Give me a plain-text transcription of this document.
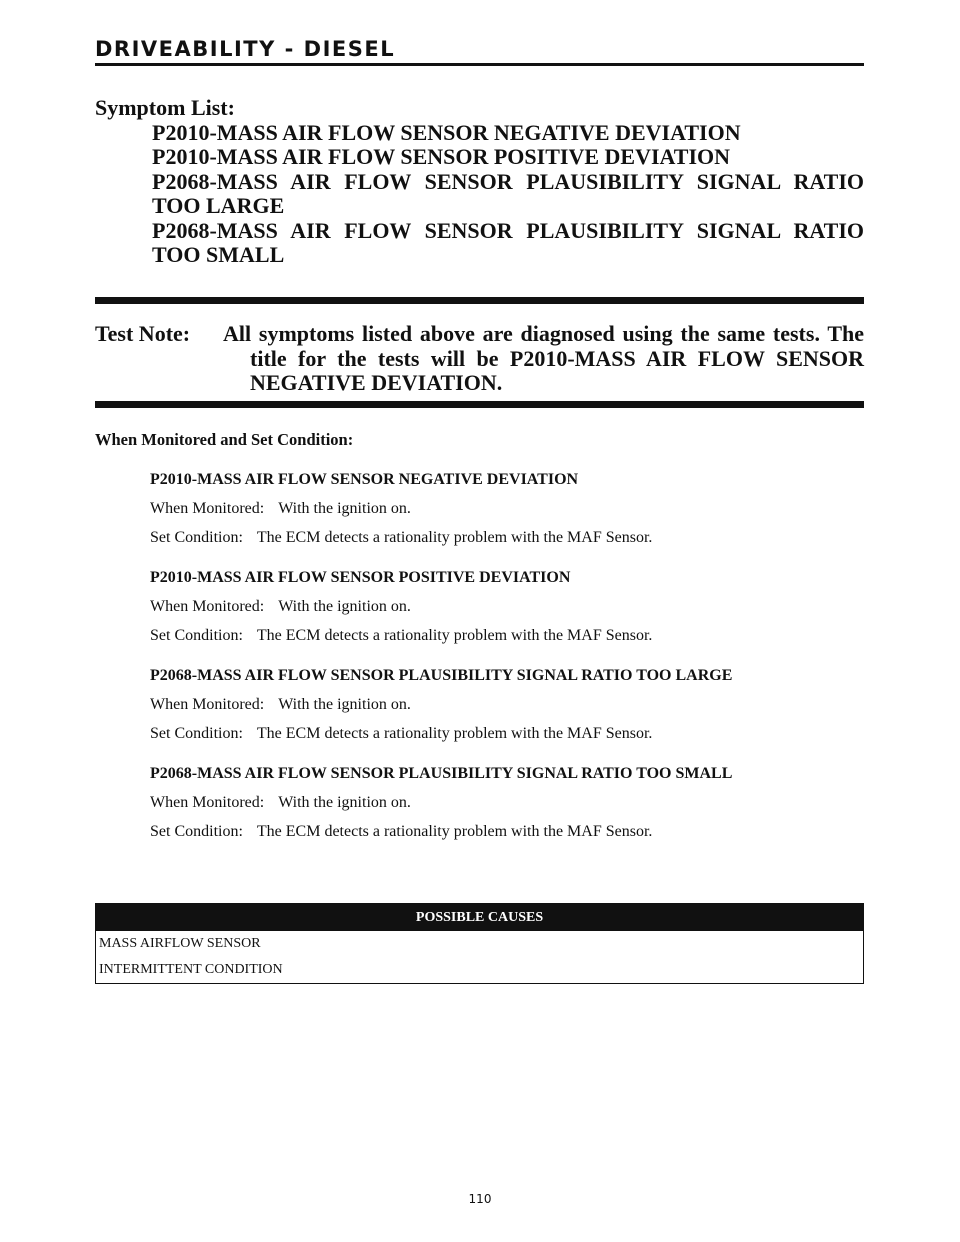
DRIVEABILITY - DIESEL
Symptom List:
P2010-MASS AIR FLOW SENSOR NEGATIVE DEVIATION
P2010-MASS AIR FLOW SENSOR POSITIVE DEVIATION
P2068-MASS AIR FLOW SENSOR PLAUSIBILITY SIGNAL RATIO TOO LARGE
P2068-MASS AIR FLOW SENSOR PLAUSIBILITY SIGNAL RATIO TOO SMALL
Test Note: All symptoms listed above are diagnosed using the same tests. The title for the tests will be P2010-MASS AIR FLOW SENSOR NEGATIVE DEVIATION.
When Monitored and Set Condition:
P2010-MASS AIR FLOW SENSOR NEGATIVE DEVIATION
When Monitored: With the ignition on.
Set Condition: The ECM detects a rationality problem with the MAF Sensor.
P2010-MASS AIR FLOW SENSOR POSITIVE DEVIATION
When Monitored: With the ignition on.
Set Condition: The ECM detects a rationality problem with the MAF Sensor.
P2068-MASS AIR FLOW SENSOR PLAUSIBILITY SIGNAL RATIO TOO LARGE
When Monitored: With the ignition on.
Set Condition: The ECM detects a rationality problem with the MAF Sensor.
P2068-MASS AIR FLOW SENSOR PLAUSIBILITY SIGNAL RATIO TOO SMALL
When Monitored: With the ignition on.
Set Condition: The ECM detects a rationality problem with the MAF Sensor.
POSSIBLE CAUSES
MASS AIRFLOW SENSOR
INTERMITTENT CONDITION
110
